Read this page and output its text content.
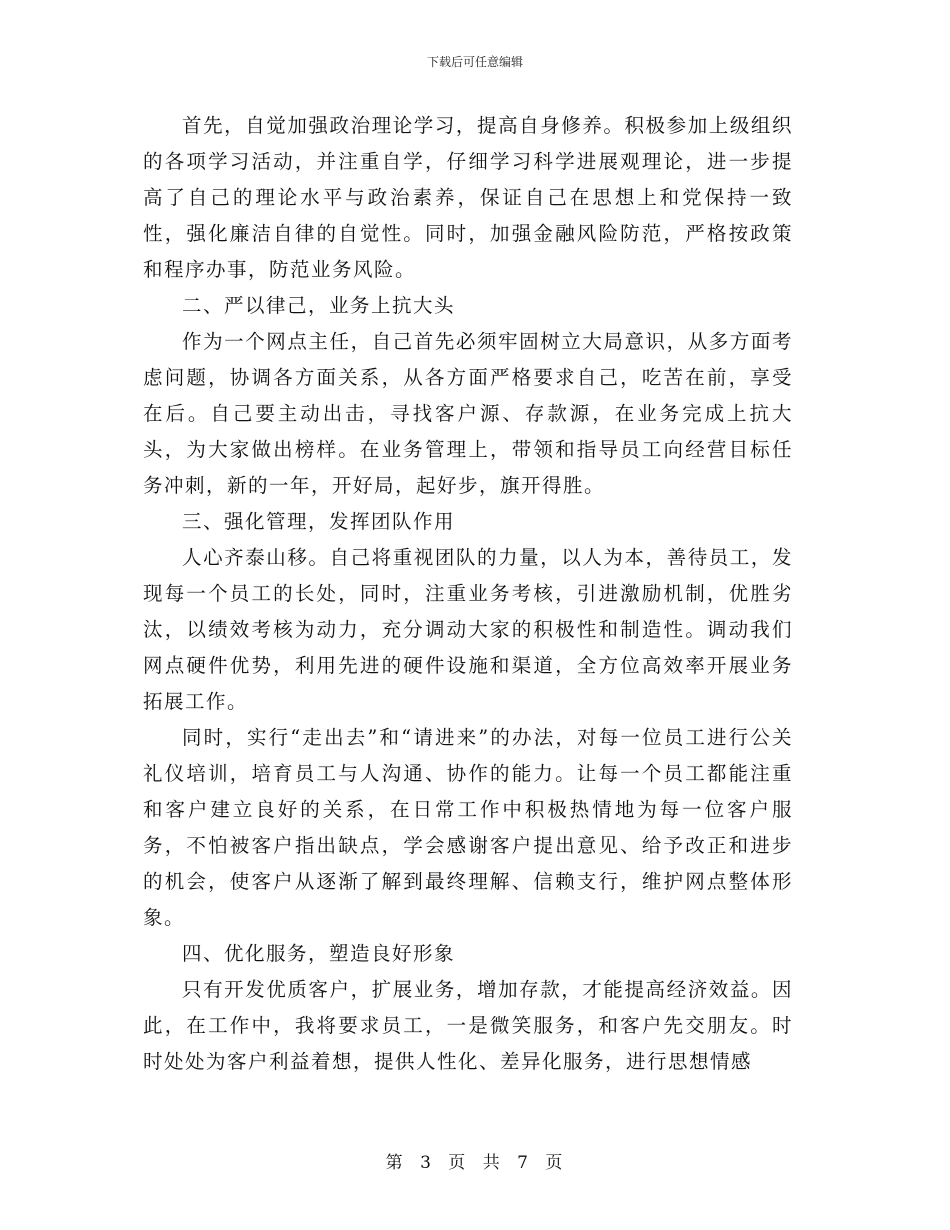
下载后可任意编辑

首先，自觉加强政治理论学习，提高自身修养。积极参加上级组织的各项学习活动，并注重自学，仔细学习科学进展观理论，进一步提高了自己的理论水平与政治素养，保证自己在思想上和党保持一致性，强化廉洁自律的自觉性。同时，加强金融风险防范，严格按政策和程序办事，防范业务风险。

二、严以律己，业务上抗大头

作为一个网点主任，自己首先必须牢固树立大局意识，从多方面考虑问题，协调各方面关系，从各方面严格要求自己，吃苦在前，享受在后。自己要主动出击，寻找客户源、存款源，在业务完成上抗大头，为大家做出榜样。在业务管理上，带领和指导员工向经营目标任务冲刺，新的一年，开好局，起好步，旗开得胜。

三、强化管理，发挥团队作用

人心齐泰山移。自己将重视团队的力量，以人为本，善待员工，发现每一个员工的长处，同时，注重业务考核，引进激励机制，优胜劣汰，以绩效考核为动力，充分调动大家的积极性和制造性。调动我们网点硬件优势，利用先进的硬件设施和渠道，全方位高效率开展业务拓展工作。

同时，实行“走出去”和“请进来”的办法，对每一位员工进行公关礼仪培训，培育员工与人沟通、协作的能力。让每一个员工都能注重和客户建立良好的关系，在日常工作中积极热情地为每一位客户服务，不怕被客户指出缺点，学会感谢客户提出意见、给予改正和进步的机会，使客户从逐渐了解到最终理解、信赖支行，维护网点整体形象。

四、优化服务，塑造良好形象

只有开发优质客户，扩展业务，增加存款，才能提高经济效益。因此，在工作中，我将要求员工，一是微笑服务，和客户先交朋友。时时处处为客户利益着想，提供人性化、差异化服务，进行思想情感

第 3 页 共 7 页
